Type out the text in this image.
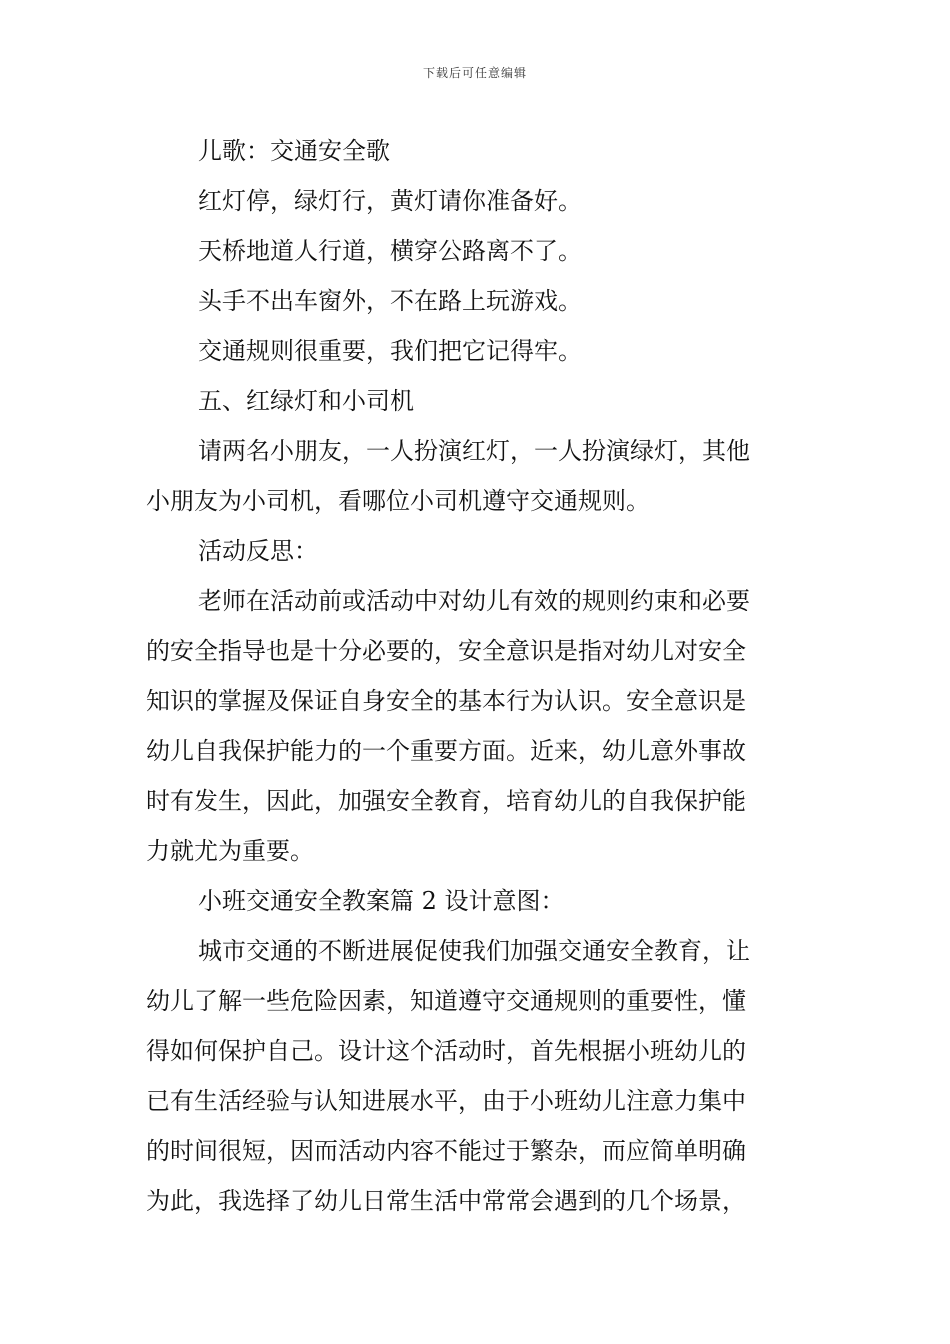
下载后可任意编辑
儿歌：交通安全歌
红灯停，绿灯行，黄灯请你准备好。
天桥地道人行道，横穿公路离不了。
头手不出车窗外，不在路上玩游戏。
交通规则很重要，我们把它记得牢。
五、红绿灯和小司机
请两名小朋友，一人扮演红灯，一人扮演绿灯，其他
小朋友为小司机，看哪位小司机遵守交通规则。
活动反思：
老师在活动前或活动中对幼儿有效的规则约束和必要
的安全指导也是十分必要的，安全意识是指对幼儿对安全
知识的掌握及保证自身安全的基本行为认识。安全意识是
幼儿自我保护能力的一个重要方面。近来，幼儿意外事故
时有发生，因此，加强安全教育，培育幼儿的自我保护能
力就尤为重要。
小班交通安全教案篇 2 设计意图：
城市交通的不断进展促使我们加强交通安全教育，让
幼儿了解一些危险因素，知道遵守交通规则的重要性，懂
得如何保护自己。设计这个活动时，首先根据小班幼儿的
已有生活经验与认知进展水平，由于小班幼儿注意力集中
的时间很短，因而活动内容不能过于繁杂，而应简单明确
为此，我选择了幼儿日常生活中常常会遇到的几个场景，
